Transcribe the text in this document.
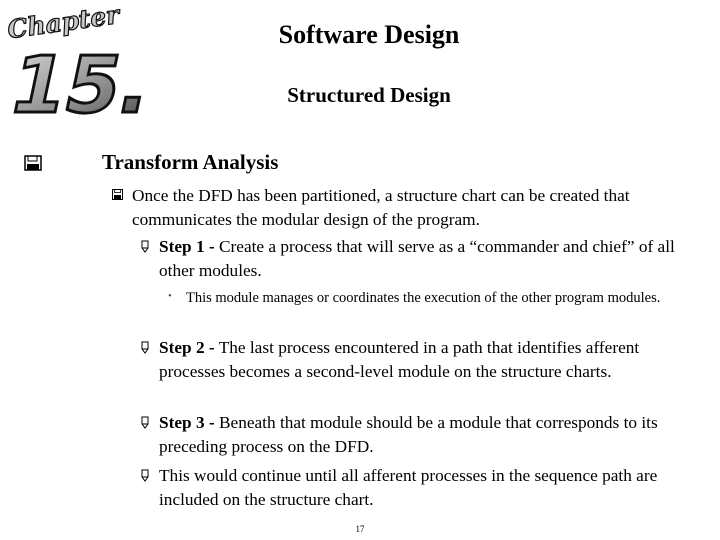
15.
Chapter	Software Design
Structured Design
Transform Analysis
Once the DFD has been partitioned, a structure chart can be created that communicates the modular design of the program.
Step 1 - Create a process that will serve as a “commander and chief” of all other modules.
• This module manages or coordinates the execution of the other program modules.
Step 2 - The last process encountered in a path that identifies afferent processes becomes a second-level module on the structure charts.
Step 3 - Beneath that module should be a module that corresponds to its preceding process on the DFD.
This would continue until all afferent processes in the sequence path are included on the structure chart.
17
